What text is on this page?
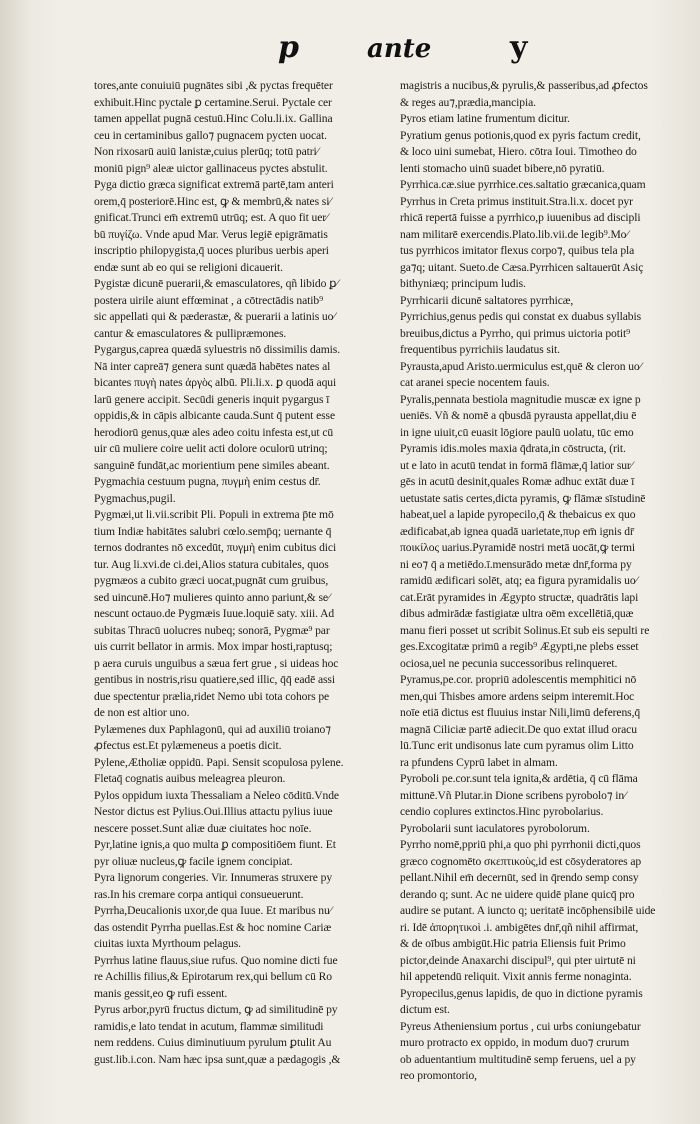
p	ante	y
tores,ante conuiuiū pugnātes sibi ,& pyctas frequēter
exhibuit.Hinc pyctale ꝑ certamine.Serui. Pyctale cer
tamen appellat pugnā cestuū.Hinc Colu.li.ix. Gallina
ceu in certaminibus gallo⁊ pugnacem pycten uocat.
Non rixosarū auiū lanistæ,cuius plerūq; totū patri⁄
moniū pign⁹ aleæ uictor gallinaceus pyctes abstulit.
Pyga dictio græca significat extremā partē,tam anteri
orem,q̄ posteriorē.Hinc est, ꝙ & membrū,& nates si⁄
gnificat.Trunci em̄ extremū utrūq; est. A quo fit uer⁄
bū πυγίζω. Vnde apud Mar. Verus legiē epigrāmatis
inscriptio philopygista,q̄ uoces pluribus uerbis aperi
endæ sunt ab eo qui se religioni dicauerit.
Pygistæ dicunē puerarii,& emasculatores, qñ libido ꝑ⁄
postera uirile aiunt effœminat , a cōtrectādis natib⁹
sic appellati qui & pæderastæ, & puerarii a latinis uo⁄
cantur & emasculatores & pullipræmones.
Pygargus,caprea quædā syluestris nō dissimilis damis.
Nā inter capreā⁊ genera sunt quædā habētes nates al
bicantes πυγὴ nates ἀργὸς albū. Pli.li.x. ꝑ quodā aqui
larū genere accipit. Secūdi generis inquit pygargus ī
oppidis,& in cāpis albicante cauda.Sunt q̄ putent esse
herodiorū genus,quæ ales adeo coitu infesta est,ut cū
uir cū muliere coire uelit acti dolore oculorū utrinq;
sanguinē fundāt,ac morientium pene similes abeant.
Pygmachia cestuum pugna, πυγμὴ enim cestus dr̄.
Pygmachus,pugil.
Pygmæi,ut li.vii.scribit Pli. Populi in extrema p̄te mō
tium Indiæ habitātes salubri cœlo.semp̄q; uernante q̄
ternos dodrantes nō excedūt, πυγμὴ enim cubitus dici
tur. Aug li.xvi.de ci.dei,Alios statura cubitales, quos
pygmæos a cubito græci uocat,pugnāt cum gruibus,
sed uincunē.Ho⁊ mulieres quinto anno pariunt,& se⁄
nescunt octauo.de Pygmæis Iuue.loquiē saty. xiii. Ad
subitas Thracū uolucres nubeq; sonorā, Pygmæ⁹ par
uis currit bellator in armis. Mox impar hosti,raptusq;
p aera curuis unguibus a sæua fert grue , si uideas hoc
gentibus in nostris,risu quatiere,sed illic, q̄q̄ eadē assi
due spectentur prælia,ridet Nemo ubi tota cohors pe
de non est altior uno.
Pylæmenes dux Paphlagonū, qui ad auxiliū troiano⁊
ꝓfectus est.Et pylæmeneus a poetis dicit.
Pylene,Ætholiæ oppidū. Papi. Sensit scopulosa pylene.
Fletaq̄ cognatis auibus meleagrea pleuron.
Pylos oppidum iuxta Thessaliam a Neleo cōditū.Vnde
Nestor dictus est Pylius.Oui.Illius attactu pylius iuue
nescere posset.Sunt aliæ duæ ciuitates hoc noīe.
Pyr,latine ignis,a quo multa ꝑ compositiōem fiunt. Et
pyr oliuæ nucleus,ꝙ facile ignem concipiat.
Pyra lignorum congeries. Vir. Innumeras struxere py
ras.In his cremare corpa antiqui consueuerunt.
Pyrrha,Deucalionis uxor,de qua Iuue. Et maribus nu⁄
das ostendit Pyrrha puellas.Est & hoc nomine Cariæ
ciuitas iuxta Myrthoum pelagus.
Pyrrhus latine flauus,siue rufus. Quo nomine dicti fue
re Achillis filius,& Epirotarum rex,qui bellum cū Ro
manis gessit,eo ꝙ rufi essent.
Pyrus arbor,pyrū fructus dictum, ꝙ ad similitudinē py
ramidis,e lato tendat in acutum, flammæ similitudi
nem reddens. Cuius diminutiuum pyrulum ꝑtulit Au
gust.lib.i.con. Nam hæc ipsa sunt,quæ a pædagogis ,&
magistris a nucibus,& pyrulis,& passeribus,ad ꝓfectos
& reges au⁊,prædia,mancipia.
Pyros etiam latine frumentum dicitur.
Pyratium genus potionis,quod ex pyris factum credit,
& loco uini sumebat, Hiero. cōtra Ioui. Timotheo do
lenti stomacho uinū suadet bibere,nō pyratiū.
Pyrrhica.cæ.siue pyrrhice.ces.saltatio græcanica,quam
Pyrrhus in Creta primus instituit.Stra.li.x. docet pyr
rhicā repertā fuisse a pyrrhico,p iuuenibus ad discipli
nam militarē exercendis.Plato.lib.vii.de legib⁹.Mo⁄
tus pyrrhicos imitator flexus corpo⁊, quibus tela pla
ga⁊q; uitant. Sueto.de Cæsa.Pyrrhicen saltauerūt Asiç
bithyniæq; principum ludis.
Pyrrhicarii dicunē saltatores pyrrhicæ,
Pyrrichius,genus pedis qui constat ex duabus syllabis
breuibus,dictus a Pyrrho, qui primus uictoria potit⁹
frequentibus pyrrichiis laudatus sit.
Pyrausta,apud Aristo.uermiculus est,quē & cleron uo⁄
cat aranei specie nocentem fauis.
Pyralis,pennata bestiola magnitudie muscæ ex igne p
ueniēs. Vñ & nomē a qbusdā pyrausta appellat,diu ē
in igne uiuit,cū euasit lōgiore paulū uolatu, tūc emo
Pyramis idis.moles maxia q̄drata,in cōstructa, (rit.
ut e lato in acutū tendat in formā flāmæ,q̄ latior sur⁄
gēs in acutū desinit,quales Romæ adhuc extāt duæ ī
uetustate satis certes,dicta pyramis, ꝙ flāmæ sīstudinē
habeat,uel a lapide pyropecilo,q̄ & thebaicus ex quo
ædificabat,ab ignea quadā uarietate,πυρ em̄ ignis dr̄
ποικίλος uarius.Pyramidē nostri metā uocāt,ꝙ termi
ni eo⁊ q̄ a metiēdo.ī.mensurādo metæ dnr̄,forma py
ramidū ædificari solēt, atq; ea figura pyramidalis uo⁄
cat.Erāt pyramides in Ægypto structæ, quadrātis lapi
dibus admirādæ fastigiatæ ultra oēm excellētiā,quæ
manu fieri posset ut scribit Solinus.Et sub eis sepulti re
ges.Excogitatæ primū a regib⁹ Ægypti,ne plebs esset
ociosa,uel ne pecunia successoribus relinqueret.
Pyramus,pe.cor. propriū adolescentis memphitici nō
men,qui Thisbes amore ardens seipm interemit.Hoc
noīe etiā dictus est fluuius instar Nili,limū deferens,q̄
magnā Ciliciæ partē adiecit.De quo extat illud oracu
lū.Tunc erit undisonus late cum pyramus olim Litto
ra pfundens Cyprū labet in almam.
Pyroboli pe.cor.sunt tela ignita,& ardētia, q̄ cū flāma
mittunē.Vñ Plutar.in Dione scribens pyrobolo⁊ in⁄
cendio coplures extinctos.Hinc pyrobolarius.
Pyrobolarii sunt iaculatores pyrobolorum.
Pyrrho nomē,ppriū phi,a quo phi pyrrhonii dicti,quos
græco cognomēto σκεπτικοὺς,id est cōsyderatores ap
pellant.Nihil em̄ decernūt, sed in q̄rendo semp consy
derando q; sunt. Ac ne uidere quidē plane quicq̄ pro
audire se putant. A iuncto q; ueritatē incōphensibilē uide
ri. Idē ἀπορητικοὶ .i. ambigētes dnr̄,qñ nihil affirmat,
& de oībus ambigūt.Hic patria Eliensis fuit Primo
pictor,deinde Anaxarchi discipul⁹, qui pter uirtutē ni
hil appetendū reliquit. Vixit annis ferme nonaginta.
Pyropecilus,genus lapidis, de quo in dictione pyramis
dictum est.
Pyreus Atheniensium portus , cui urbs coniungebatur
muro protracto ex oppido, in modum duo⁊ crurum
ob aduentantium multitudinē semp feruens, uel a py
reo promontorio,
